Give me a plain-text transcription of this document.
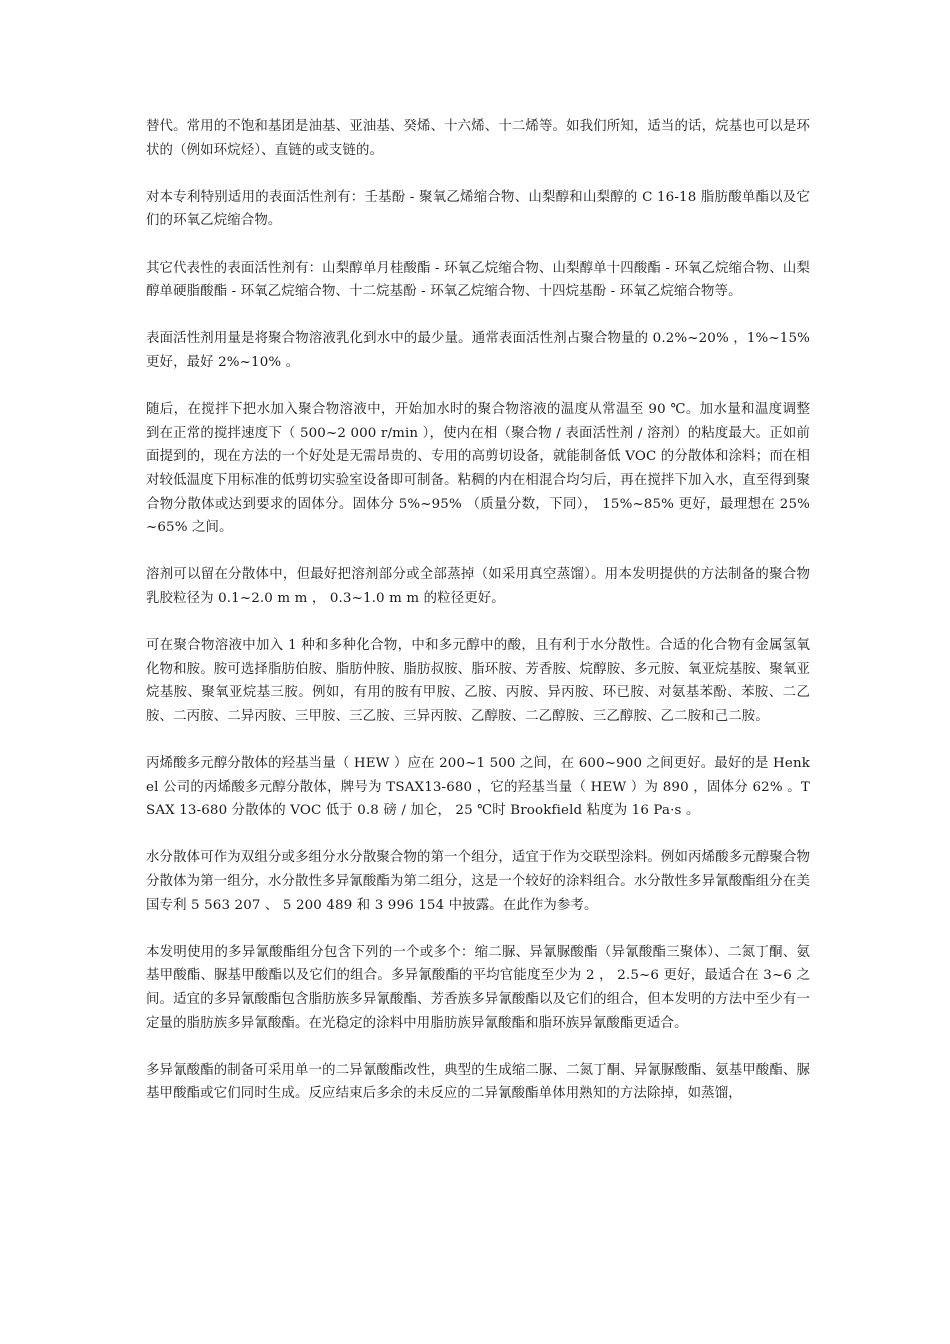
替代。常用的不饱和基团是油基、亚油基、癸烯、十六烯、十二烯等。如我们所知，适当的话，烷基也可以是环状的（例如环烷烃）、直链的或支链的。

对本专利特别适用的表面活性剂有：壬基酚 - 聚氧乙烯缩合物、山梨醇和山梨醇的 C 16-18 脂肪酸单酯以及它们的环氧乙烷缩合物。

其它代表性的表面活性剂有：山梨醇单月桂酸酯 - 环氧乙烷缩合物、山梨醇单十四酸酯 - 环氧乙烷缩合物、山梨醇单硬脂酸酯 - 环氧乙烷缩合物、十二烷基酚 - 环氧乙烷缩合物、十四烷基酚 - 环氧乙烷缩合物等。

表面活性剂用量是将聚合物溶液乳化到水中的最少量。通常表面活性剂占聚合物量的 0.2%~20% ，1%~15% 更好，最好 2%~10% 。

随后，在搅拌下把水加入聚合物溶液中，开始加水时的聚合物溶液的温度从常温至 90 ℃。加水量和温度调整到在正常的搅拌速度下（ 500~2 000 r/min ），使内在相（聚合物 / 表面活性剂 / 溶剂）的粘度最大。正如前面提到的，现在方法的一个好处是无需昂贵的、专用的高剪切设备，就能制备低 VOC 的分散体和涂料；而在相对较低温度下用标准的低剪切实验室设备即可制备。粘稠的内在相混合均匀后，再在搅拌下加入水，直至得到聚合物分散体或达到要求的固体分。固体分 5%~95% （质量分数，下同）， 15%~85% 更好，最理想在 25%~65% 之间。

溶剂可以留在分散体中，但最好把溶剂部分或全部蒸掉（如采用真空蒸馏）。用本发明提供的方法制备的聚合物乳胶粒径为 0.1~2.0 m m ， 0.3~1.0 m m 的粒径更好。

可在聚合物溶液中加入 1 种和多种化合物，中和多元醇中的酸，且有利于水分散性。合适的化合物有金属氢氧化物和胺。胺可选择脂肪伯胺、脂肪仲胺、脂肪叔胺、脂环胺、芳香胺、烷醇胺、多元胺、氧亚烷基胺、聚氧亚烷基胺、聚氧亚烷基三胺。例如，有用的胺有甲胺、乙胺、丙胺、异丙胺、环已胺、对氨基苯酚、苯胺、二乙胺、二丙胺、二异丙胺、三甲胺、三乙胺、三异丙胺、乙醇胺、二乙醇胺、三乙醇胺、乙二胺和己二胺。

丙烯酸多元醇分散体的羟基当量（ HEW ）应在 200~1 500 之间，在 600~900 之间更好。最好的是 Henkel 公司的丙烯酸多元醇分散体，牌号为 TSAX13-680 ，它的羟基当量（ HEW ）为 890 ，固体分 62% 。TSAX 13-680 分散体的 VOC 低于 0.8 磅 / 加仑， 25 ℃时 Brookfield 粘度为 16 Pa·s 。

水分散体可作为双组分或多组分水分散聚合物的第一个组分，适宜于作为交联型涂料。例如丙烯酸多元醇聚合物分散体为第一组分，水分散性多异氰酸酯为第二组分，这是一个较好的涂料组合。水分散性多异氰酸酯组分在美国专利 5 563 207 、 5 200 489 和 3 996 154 中披露。在此作为参考。

本发明使用的多异氰酸酯组分包含下列的一个或多个：缩二脲、异氰脲酸酯（异氰酸酯三聚体）、二氮丁酮、氨基甲酸酯、脲基甲酸酯以及它们的组合。多异氰酸酯的平均官能度至少为 2 ， 2.5~6 更好，最适合在 3~6 之间。适宜的多异氰酸酯包含脂肪族多异氰酸酯、芳香族多异氰酸酯以及它们的组合，但本发明的方法中至少有一定量的脂肪族多异氰酸酯。在光稳定的涂料中用脂肪族异氰酸酯和脂环族异氰酸酯更适合。

多异氰酸酯的制备可采用单一的二异氰酸酯改性，典型的生成缩二脲、二氮丁酮、异氰脲酸酯、氨基甲酸酯、脲基甲酸酯或它们同时生成。反应结束后多余的未反应的二异氰酸酯单体用熟知的方法除掉，如蒸馏，
